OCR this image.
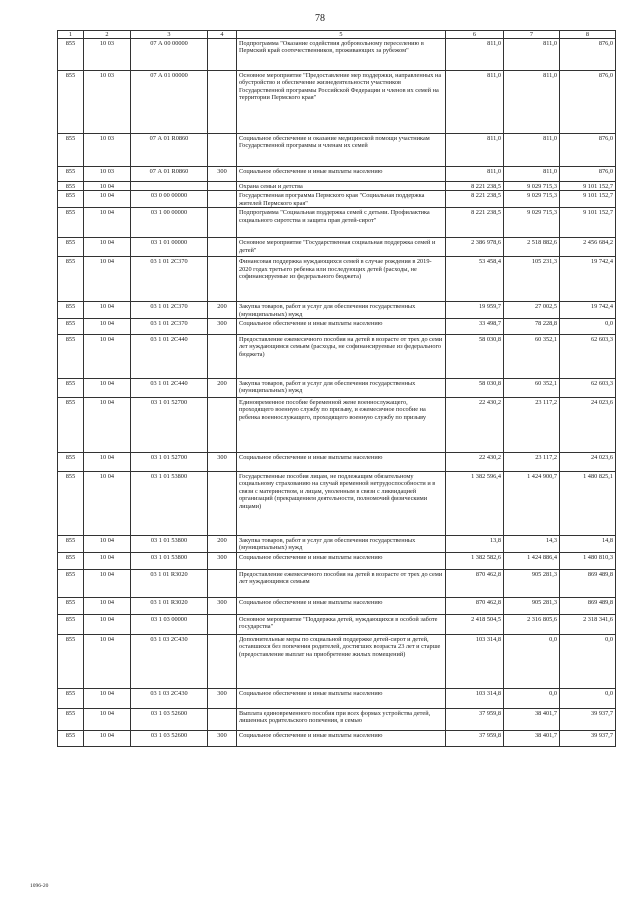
78
1	2	3	4	5	6	7	8
855	10 03	07 А 00 00000		Подпрограмма "Оказание содействия добровольному переселению в Пермский край соотечественников, проживающих за рубежом"	811,0	811,0	876,0
855	10 03	07 А 01 00000		Основное мероприятие "Предоставление мер поддержки, направленных на обустройство и обеспечение жизнедеятельности участников Государственной программы Российской Федерации и членов их семей на территории Пермского края"	811,0	811,0	876,0
855	10 03	07 А 01 R0860		Социальное обеспечение и оказание медицинской помощи участникам Государственной программы и членам их семей	811,0	811,0	876,0
855	10 03	07 А 01 R0860	300	Социальное обеспечение и иные выплаты населению	811,0	811,0	876,0
855	10 04			Охрана семьи и детства	8 221 238,5	9 029 715,3	9 101 152,7
855	10 04	03 0 00 00000		Государственная программа Пермского края "Социальная поддержка жителей Пермского края"	8 221 238,5	9 029 715,3	9 101 152,7
855	10 04	03 1 00 00000		Подпрограмма "Социальная поддержка семей с детьми. Профилактика социального сиротства и защита прав детей-сирот"	8 221 238,5	9 029 715,3	9 101 152,7
855	10 04	03 1 01 00000		Основное мероприятие "Государственная социальная поддержка семей и детей"	2 386 978,6	2 518 882,6	2 456 684,2
855	10 04	03 1 01 2С370		Финансовая поддержка нуждающихся семей в случае рождения в 2019-2020 годах третьего ребенка или последующих детей (расходы, не софинансируемые из федерального бюджета)	53 458,4	105 231,3	19 742,4
855	10 04	03 1 01 2С370	200	Закупка товаров, работ и услуг для обеспечения государственных (муниципальных) нужд	19 959,7	27 002,5	19 742,4
855	10 04	03 1 01 2С370	300	Социальное обеспечение и иные выплаты населению	33 498,7	78 228,8	0,0
855	10 04	03 1 01 2С440		Предоставление ежемесячного пособия на детей в возрасте от трех до семи лет нуждающимся семьям (расходы, не софинансируемые из федерального бюджета)	58 030,8	60 352,1	62 603,3
855	10 04	03 1 01 2С440	200	Закупка товаров, работ и услуг для обеспечения государственных (муниципальных) нужд	58 030,8	60 352,1	62 603,3
855	10 04	03 1 01 52700		Единовременное пособие беременной жене военнослужащего, проходящего военную службу по призыву, и ежемесячное пособие на ребенка военнослужащего, проходящего военную службу по призыву	22 430,2	23 117,2	24 023,6
855	10 04	03 1 01 52700	300	Социальное обеспечение и иные выплаты населению	22 430,2	23 117,2	24 023,6
855	10 04	03 1 01 53800		Государственные пособия лицам, не подлежащим обязательному социальному страхованию на случай временной нетрудоспособности и в связи с материнством, и лицам, уволенным в связи с ликвидацией организаций (прекращением деятельности, полномочий физическими лицами)	1 382 596,4	1 424 900,7	1 480 825,1
855	10 04	03 1 01 53800	200	Закупка товаров, работ и услуг для обеспечения государственных (муниципальных) нужд	13,8	14,3	14,8
855	10 04	03 1 01 53800	300	Социальное обеспечение и иные выплаты населению	1 382 582,6	1 424 886,4	1 480 810,3
855	10 04	03 1 01 R3020		Предоставление ежемесячного пособия на детей в возрасте от трех до семи лет нуждающимся семьям	870 462,8	905 281,3	869 489,8
855	10 04	03 1 01 R3020	300	Социальное обеспечение и иные выплаты населению	870 462,8	905 281,3	869 489,8
855	10 04	03 1 03 00000		Основное мероприятие "Поддержка детей, нуждающихся в особой заботе государства"	2 418 504,5	2 316 805,6	2 318 341,6
855	10 04	03 1 03 2С430		Дополнительные меры по социальной поддержке детей-сирот и детей, оставшихся без попечения родителей, достигших возраста 23 лет и старше (предоставление выплат на приобретение жилых помещений)	103 314,8	0,0	0,0
855	10 04	03 1 03 2С430	300	Социальное обеспечение и иные выплаты населению	103 314,8	0,0	0,0
855	10 04	03 1 03 52600		Выплата единовременного пособия при всех формах устройства детей, лишенных родительского попечения, в семью	37 959,8	38 401,7	39 937,7
855	10 04	03 1 03 52600	300	Социальное обеспечение и иные выплаты населению	37 959,8	38 401,7	39 937,7
1096-20
